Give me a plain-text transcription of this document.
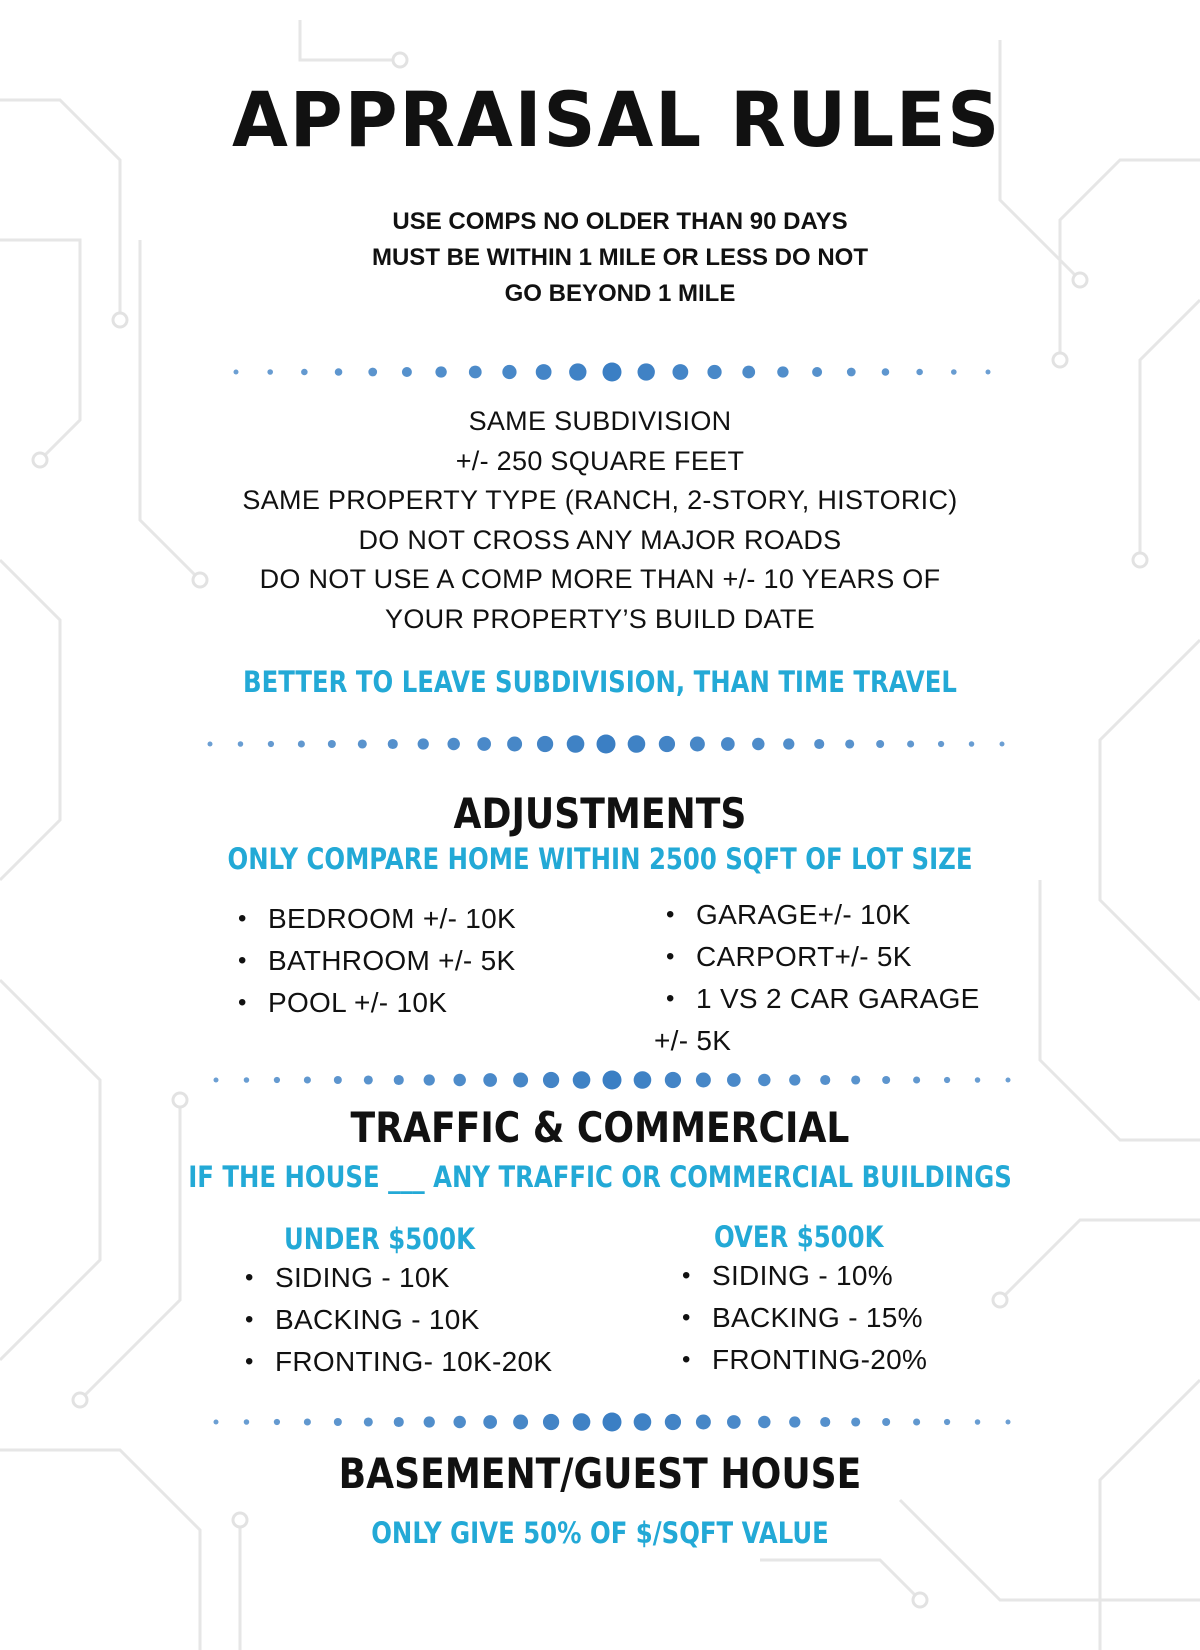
APPRAISAL RULES
USE COMPS NO OLDER THAN 90 DAYS
MUST BE WITHIN 1 MILE OR LESS DO NOT
GO BEYOND 1 MILE
SAME SUBDIVISION
+/- 250 SQUARE FEET
SAME PROPERTY TYPE (RANCH, 2-STORY, HISTORIC)
DO NOT CROSS ANY MAJOR ROADS
DO NOT USE A COMP MORE THAN +/- 10 YEARS OF
YOUR PROPERTY’S BUILD DATE
BETTER TO LEAVE SUBDIVISION, THAN TIME TRAVEL
ADJUSTMENTS
ONLY COMPARE HOME WITHIN 2500 SQFT OF LOT SIZE
• BEDROOM +/- 10K
• BATHROOM +/- 5K
• POOL +/- 10K
• GARAGE+/- 10K
• CARPORT+/- 5K
• 1 VS 2 CAR GARAGE
+/- 5K
TRAFFIC & COMMERCIAL
IF THE HOUSE ___ ANY TRAFFIC OR COMMERCIAL BUILDINGS
UNDER $500K
• SIDING - 10K
• BACKING - 10K
• FRONTING- 10K-20K
OVER $500K
• SIDING - 10%
• BACKING - 15%
• FRONTING-20%
BASEMENT/GUEST HOUSE
ONLY GIVE 50% OF $/SQFT VALUE
